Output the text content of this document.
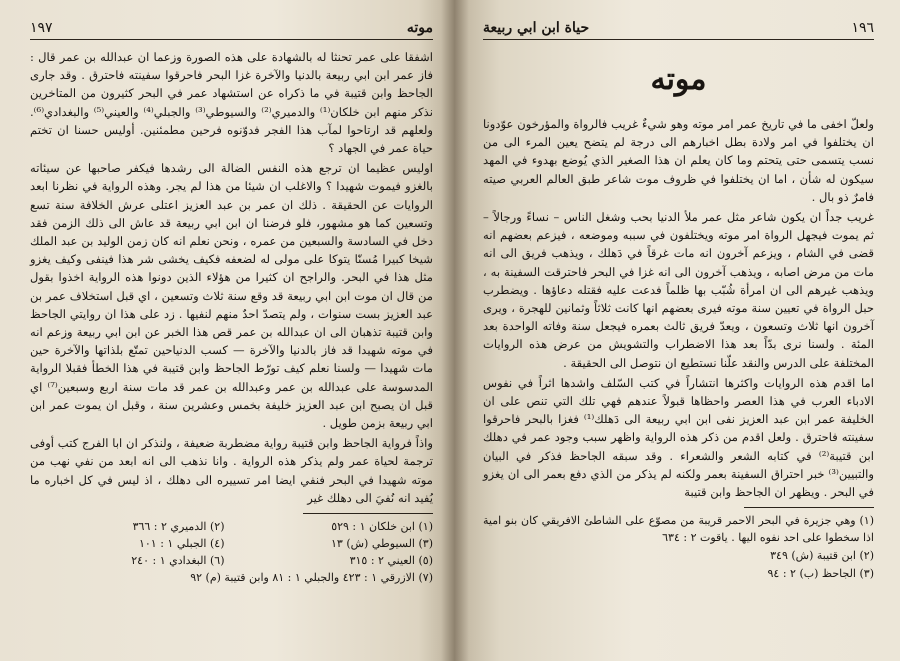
موته
١٩٧

اشفقا على عمر تحنثا له بالشهادة على هذه الصورة وزعما ان عبدالله بن عمر قال : فاز عمر ابن ابي ربيعة بالدنيا والآخرة غزا البحر فاحرقوا سفينته فاحترق . وقد جارى الجاحظ وابن قتيبة في ما ذكراه عن استشهاد عمر في البحر كثيرون من المتاخرين نذكر منهم ابن خلكان⁽¹⁾ والدميري⁽²⁾ والسيوطي⁽³⁾ والجبلي⁽⁴⁾ والعيني⁽⁵⁾ والبغدادي⁽⁶⁾. ولعلهم قد ارتاحوا لمآب هذا الفجر فدوّنوه فرحين مطمئنين. أوليس حسنا ان تختم حياة عمر في الجهاد ؟

اوليس عظيما ان ترجع هذه النفس الضالة الى رشدها فيكفر صاحبها عن سيئاته بالغزو فيموت شهيدا ؟ والاغلب ان شيئا من هذا لم يجر. وهذه الرواية في نظرنا ابعد الروايات عن الحقيقة . ذلك ان عمر بن عبد العزيز اعتلى عرش الخلافة سنة تسع وتسعين كما هو مشهور، فلو فرضنا ان ابن ابي ربيعة قد عاش الى ذلك الزمن فقد دخل في السادسة والسبعين من عمره ، ونحن نعلم انه كان زمن الوليد بن عبد الملك شيخا كبيرا مُسنّا يتوكا على مولى له لضعفه فكيف يخشى شر هذا فينفى وكيف يغزو مثل هذا في البحر. والراجح ان كثيرا من هؤلاء الذين دونوا هذه الرواية اخذوا بقول من قال ان موت ابن ابي ربيعة قد وقع سنة ثلاث وتسعين ، اي قبل استخلاف عمر بن عبد العزيز بست سنوات ، ولم يتصدّ احدٌ منهم لنفيها . زد على هذا ان روايتي الجاحظ وابن قتيبة تذهبان الى ان عبدالله بن عمر قص هذا الخبر عن ابن ابي ربيعة وزعم انه في موته شهيدا قد فاز بالدنيا والآخرة — كسب الدنياحين تمتّع بلذاتها والآخرة حين مات شهيدا — ولسنا نعلم كيف تورّط الجاحظ وابن قتيبة في هذا الخطأ فقبلا الرواية المدسوسة على عبدالله بن عمر وعبدالله بن عمر قد مات سنة اربع وسبعين⁽⁷⁾ اي قبل ان يصبح ابن عبد العزيز خليفة بخمس وعشرين سنة ، وقبل ان يموت عمر ابن ابي ربيعة بزمن طويل .

واذاً فرواية الجاحظ وابن قتيبة رواية مضطربة ضعيفة ، ولنذكر ان ابا الفرج كتب أوفى ترجمة لحياة عمر ولم يذكر هذه الرواية . وانا نذهب الى انه ابعد من نفي نهب من موته شهيدا في البحر فنفي ايضا امر تسييره الى دهلك ، اذ ليس في كل اخباره ما يُفيد انه نُفيَ الى دهلك غير

(١) ابن خلكان ١ : ٥٢٩
(٢) الدميري ٢ : ٣٦٦
(٣) السيوطي (ش) ١٣
(٤) الجبلي ١ : ١٠١
(٥) العيني ٢ : ٣١٥
(٦) البغدادي ١ : ٢٤٠
(٧) الازرقي ١ : ٤٢٣ والجبلي ١ : ٨١ وابن قتيبة (م) ٩٢
١٩٦
حياة ابن ابي ربيعة
موته

ولعلّ اخفى ما في تاريخ عمر امر موته وهو شيءٌ غريب فالرواة والمؤرخون عوّدونا ان يختلفوا في امر ولادة بطل اخبارهم الى درجة لم يتضح يعين المرء الى من نسب يتسمى حتى يتحتم وما كان يعلم ان هذا الصغير الذي يُوضع بهدوء في المهد سيكون له شأن ، اما ان يختلفوا في ظروف موت شاعر طبق العالم العربي صيته فامرٌ ذو بال .

غريب جداً ان يكون شاعر مثل عمر ملأ الدنيا بحب وشغل الناس – نساءً ورجالاً – ثم يموت فيجهل الرواة امر موته ويختلفون في سببه وموضعه ، فيزعم بعضهم انه قضى في الشام ، ويزعم آخرون انه مات غرقاً في دَهلك ، ويذهب فريق الى انه مات من مرض اصابه ، ويذهب آخرون الى انه غزا في البحر فاحترقت السفينة به ، ويذهب غيرهم الى ان امرأة شُبّب بها ظلماً فدعت عليه فقتله دعاؤها . ويضطرب حبل الرواة في تعيين سنة موته فيرى بعضهم انها كانت ثلاثاً وثمانين للهجرة ، ويرى آخرون انها ثلاث وتسعون ، ويعدّ فريق ثالث بعمره فيجعل سنة وفاته الواحدة بعد المئة . ولسنا نرى بدّاً بعد هذا الاضطراب والتشويش من عرض هذه الروايات المختلفة على الدرس والنقد علّنا نستطيع ان نتوصل الى الحقيقة .

اما اقدم هذه الروايات واكثرها انتشاراً في كتب السّلف واشدها اثراً في نفوس الادباء العرب في هذا العصر واحظاها قبولاً عندهم فهي تلك التي تنص على ان الخليفة عمر ابن عبد العزيز نفى ابن ابي ربيعة الى دَهلك⁽¹⁾ فغزا بالبحر فاحرقوا سفينته فاحترق . ولعل اقدم من ذكر هذه الرواية واظهر سبب وجود عمر في دهلك ابن قتيبة⁽²⁾ في كتابه الشعر والشعراء . وقد سبقه الجاحظ فذكر في البيان والتبيين⁽³⁾ خبر احتراق السفينة بعمر ولكنه لم يذكر من الذي دفع بعمر الى ان يغزو في البحر . ويظهر ان الجاحظ وابن قتيبة

(١) وهي جزيرة في البحر الاحمر قريبة من مصوّع على الشاطئ الافريقي كان بنو امية اذا سخطوا على احد نفوه اليها . ياقوت ٢ : ٦٣٤
(٢) ابن قتيبة (ش) ٣٤٩
(٣) الجاحظ (ب) ٢ : ٩٤
